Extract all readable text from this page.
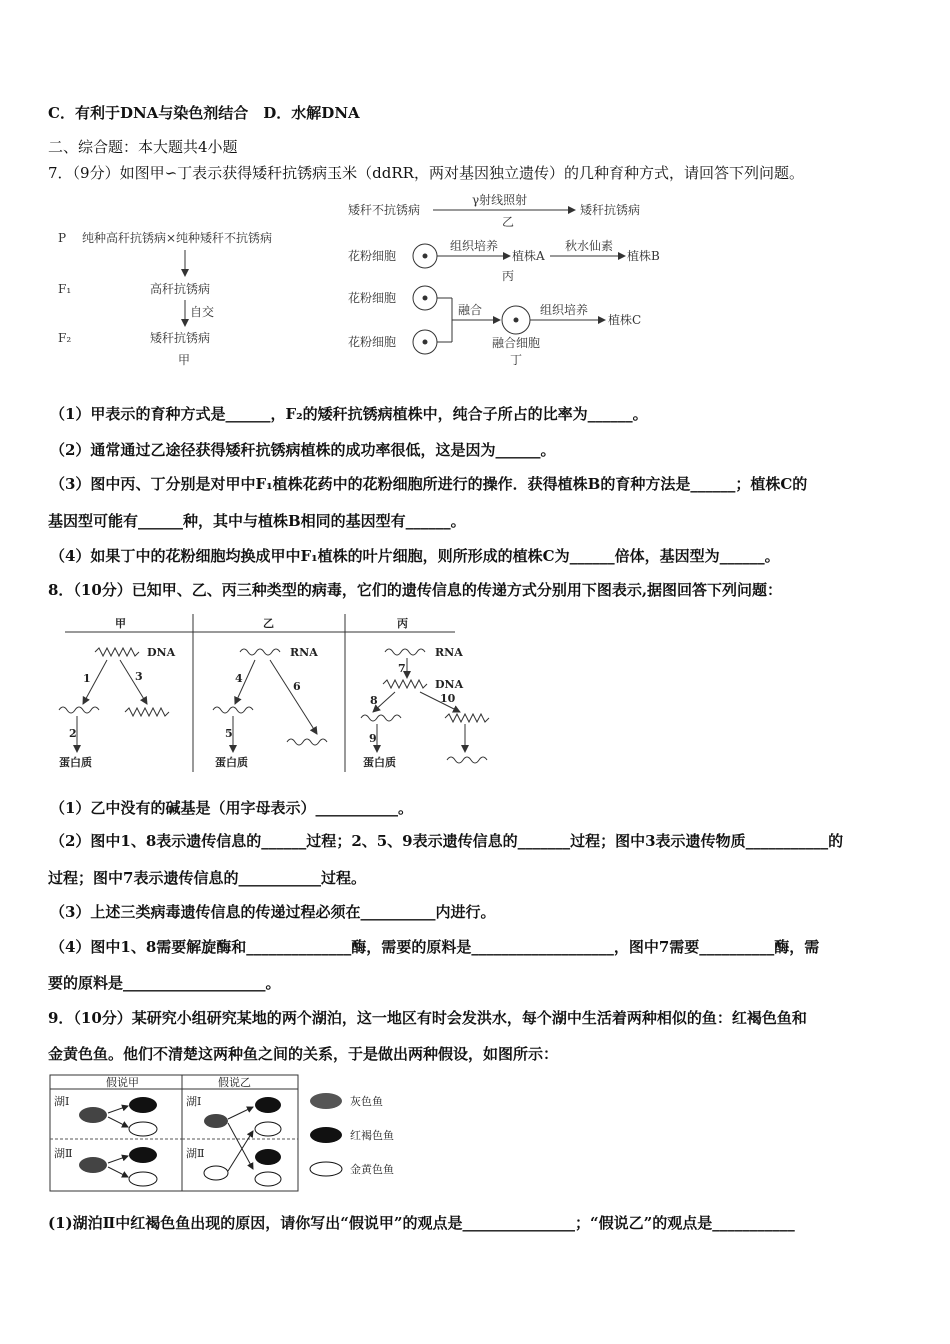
C．有利于DNA与染色剂结合　D．水解DNA
二、综合题：本大题共4小题
7．（9分）如图甲∽丁表示获得矮秆抗锈病玉米（ddRR，两对基因独立遗传）的几种育种方式，请回答下列问题。
P 纯种高秆抗锈病×纯种矮秆不抗锈病
F₁	高秆抗锈病
自交
F₂	矮秆抗锈病
甲
矮秆不抗锈病
γ射线照射
矮秆抗锈病
乙
花粉细胞
组织培养
植株A
秋水仙素
植株B
丙
花粉细胞
花粉细胞
融合	组织培养
植株C
融合细胞
丁
（1）甲表示的育种方式是______，F₂的矮秆抗锈病植株中，纯合子所占的比率为______。
（2）通常通过乙途径获得矮秆抗锈病植株的成功率很低，这是因为______。
（3）图中丙、丁分别是对甲中F₁植株花药中的花粉细胞所进行的操作．获得植株B的育种方法是______；植株C的
基因型可能有______种，其中与植株B相同的基因型有______。
（4）如果丁中的花粉细胞均换成甲中F₁植株的叶片细胞，则所形成的植株C为______倍体，基因型为______。
8．（10分）已知甲、乙、丙三种类型的病毒，它们的遗传信息的传递方式分别用下图表示,据图回答下列问题：
甲	乙	丙
DNA
1	3
2
蛋白质
RNA
4
6
5
蛋白质
RNA
7
DNA
8	10
9
蛋白质
（1）乙中没有的碱基是（用字母表示）___________。
（2）图中1、8表示遗传信息的______过程；2、5、9表示遗传信息的_______过程；图中3表示遗传物质___________的
过程；图中7表示遗传信息的___________过程。
（3）上述三类病毒遗传信息的传递过程必须在__________内进行。
（4）图中1、8需要解旋酶和______________酶，需要的原料是___________________，图中7需要__________酶，需
要的原料是___________________。
9．（10分）某研究小组研究某地的两个湖泊，这一地区有时会发洪水，每个湖中生活着两种相似的鱼：红褐色鱼和
金黄色鱼。他们不清楚这两种鱼之间的关系，于是做出两种假设，如图所示：
假说甲
湖Ⅰ
湖Ⅱ
假说乙
湖Ⅰ
湖Ⅱ
灰色鱼
红褐色鱼
金黄色鱼
(1)湖泊Ⅱ中红褐色鱼出现的原因，请你写出“假说甲”的观点是_______________；“假说乙”的观点是___________
